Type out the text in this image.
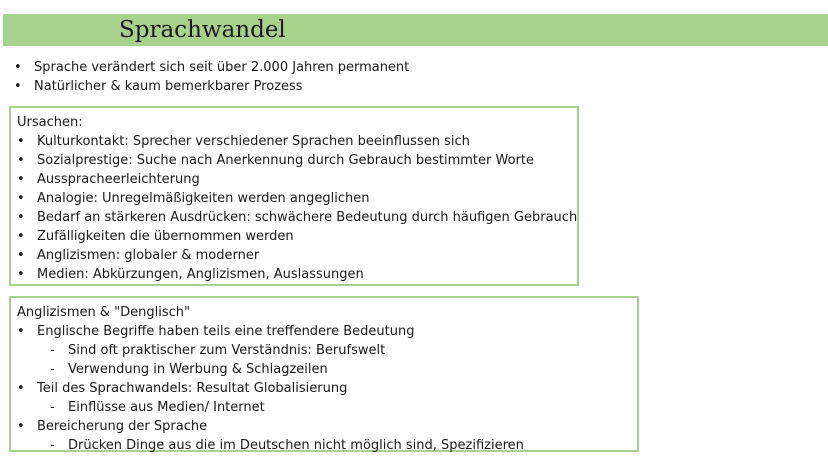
Sprachwandel
• Sprache verändert sich seit über 2.000 Jahren permanent
• Natürlicher & kaum bemerkbarer Prozess
Ursachen:
• Kulturkontakt: Sprecher verschiedener Sprachen beeinflussen sich
• Sozialprestige: Suche nach Anerkennung durch Gebrauch bestimmter Worte
• Ausspracheerleichterung
• Analogie: Unregelmäßigkeiten werden angeglichen
• Bedarf an stärkeren Ausdrücken: schwächere Bedeutung durch häufigen Gebrauch
• Zufälligkeiten die übernommen werden
• Anglizismen: globaler & moderner
• Medien: Abkürzungen, Anglizismen, Auslassungen
Anglizismen & "Denglisch"
• Englische Begriffe haben teils eine treffendere Bedeutung
- Sind oft praktischer zum Verständnis: Berufswelt
- Verwendung in Werbung & Schlagzeilen
• Teil des Sprachwandels: Resultat Globalisierung
- Einflüsse aus Medien/ Internet
• Bereicherung der Sprache
- Drücken Dinge aus die im Deutschen nicht möglich sind, Spezifizieren
